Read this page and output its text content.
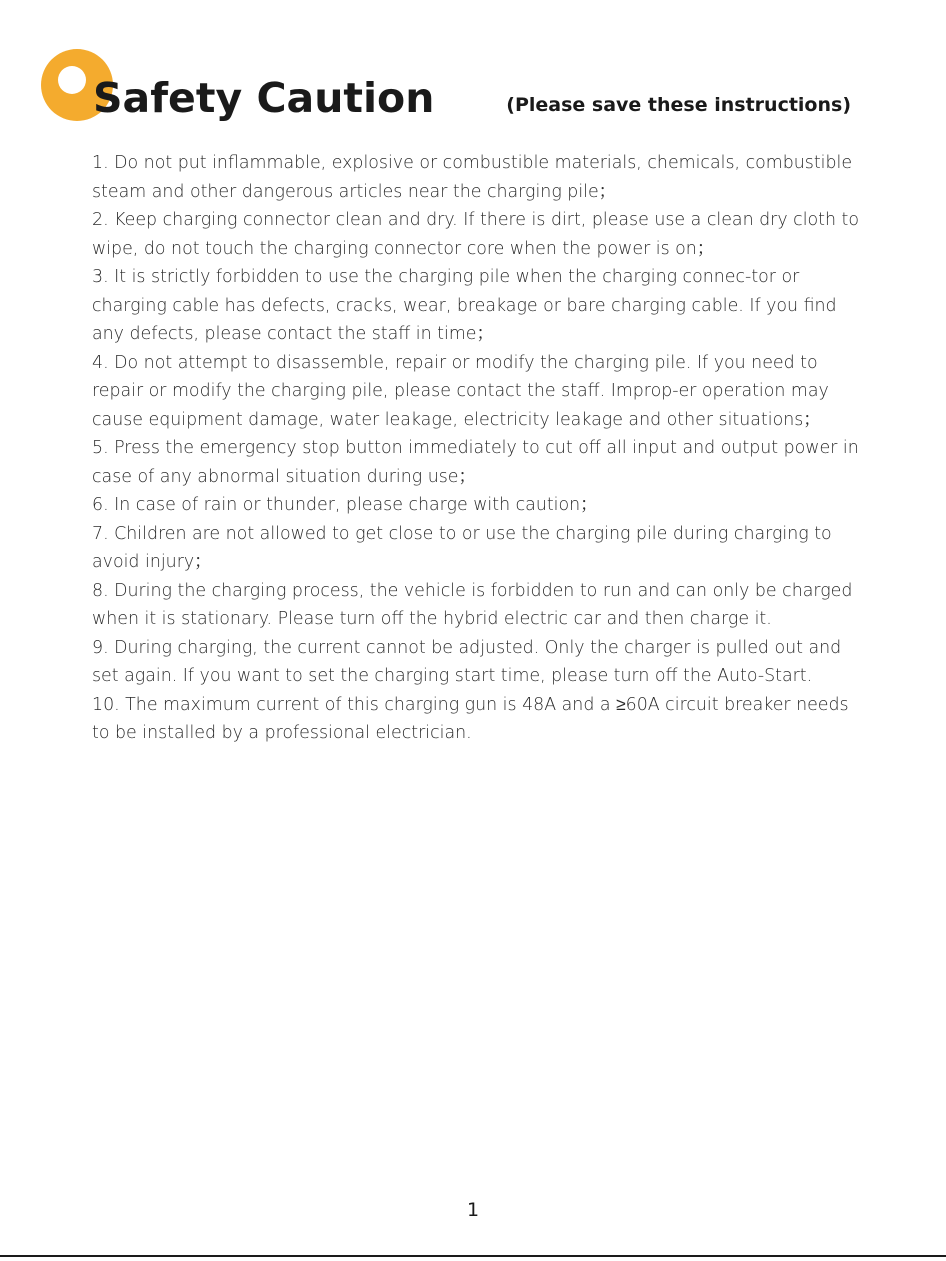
Safety Caution	(Please save these instructions)

1. Do not put inflammable, explosive or combustible materials, chemicals, combustible steam and other dangerous articles near the charging pile；

2. Keep charging connector clean and dry. If there is dirt, please use a clean dry cloth to wipe, do not touch the charging connector core when the power is on；

3. It is strictly forbidden to use the charging pile when the charging connec-tor or charging cable has defects, cracks, wear, breakage or bare charging cable. If you find any defects, please contact the staff in time；

4. Do not attempt to disassemble, repair or modify the charging pile. If you need to repair or modify the charging pile, please contact the staff. Improp-er operation may cause equipment damage, water leakage, electricity leakage and other situations；

5. Press the emergency stop button immediately to cut off all input and output power in case of any abnormal situation during use；

6. In case of rain or thunder, please charge with caution；

7. Children are not allowed to get close to or use the charging pile during charging to avoid injury；

8. During the charging process, the vehicle is forbidden to run and can only be charged when it is stationary. Please turn off the hybrid electric car and then charge it.

9. During charging, the current cannot be adjusted. Only the charger is pulled out and set again. If you want to set the charging start time, please turn off the Auto-Start.

10. The maximum current of this charging gun is 48A and a ≥60A circuit breaker needs to be installed by a professional electrician.

1
